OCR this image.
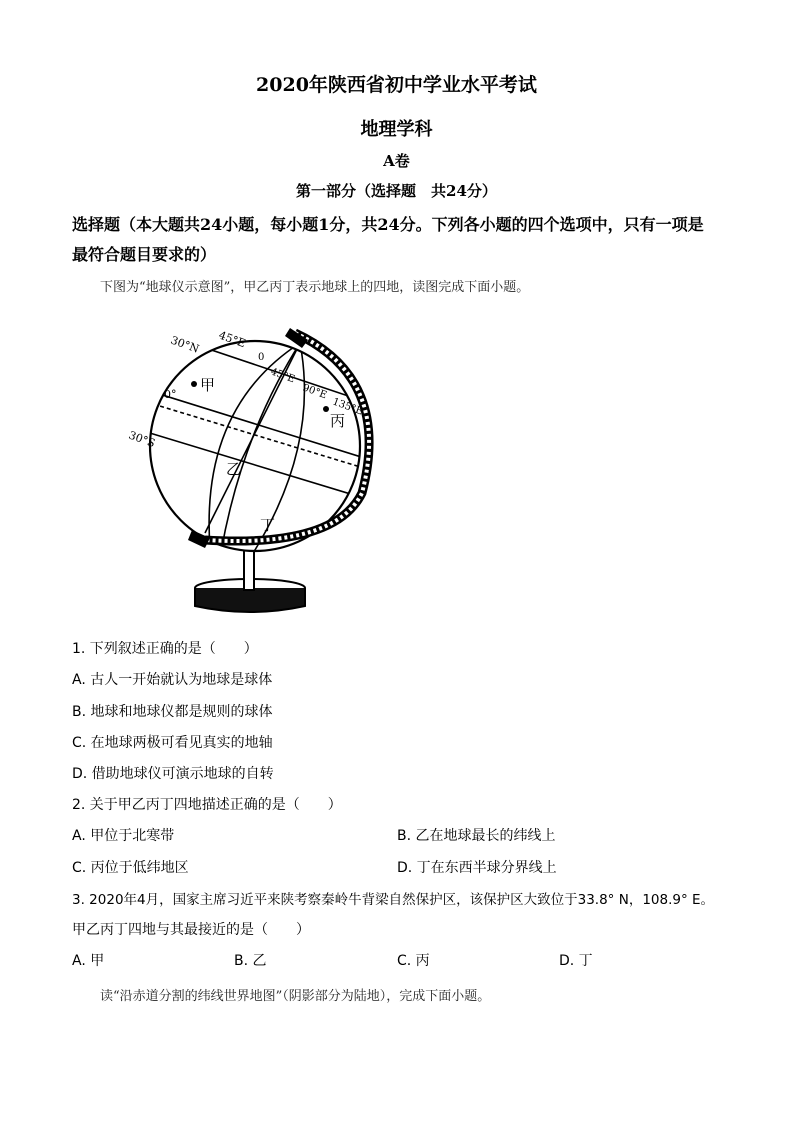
2020年陕西省初中学业水平考试
地理学科
A卷
第一部分（选择题　共24分）
选择题（本大题共24小题，每小题1分，共24分。下列各小题的四个选项中，只有一项是
最符合题目要求的）
下图为“地球仪示意图”，甲乙丙丁表示地球上的四地，读图完成下面小题。
30°N 45°E
0
45°E
90°E
135°E
0°
30°S
甲
乙
丙
丁
1. 下列叙述正确的是（　　）
A. 古人一开始就认为地球是球体
B. 地球和地球仪都是规则的球体
C. 在地球两极可看见真实的地轴
D. 借助地球仪可演示地球的自转
2. 关于甲乙丙丁四地描述正确的是（　　）
A. 甲位于北寒带	B. 乙在地球最长的纬线上
C. 丙位于低纬地区	D. 丁在东西半球分界线上
3. 2020年4月，国家主席习近平来陕考察秦岭牛背梁自然保护区，该保护区大致位于33.8° N，108.9° E。
甲乙丙丁四地与其最接近的是（　　）
A. 甲	B. 乙	C. 丙	D. 丁
读“沿赤道分割的纬线世界地图”（阴影部分为陆地），完成下面小题。
